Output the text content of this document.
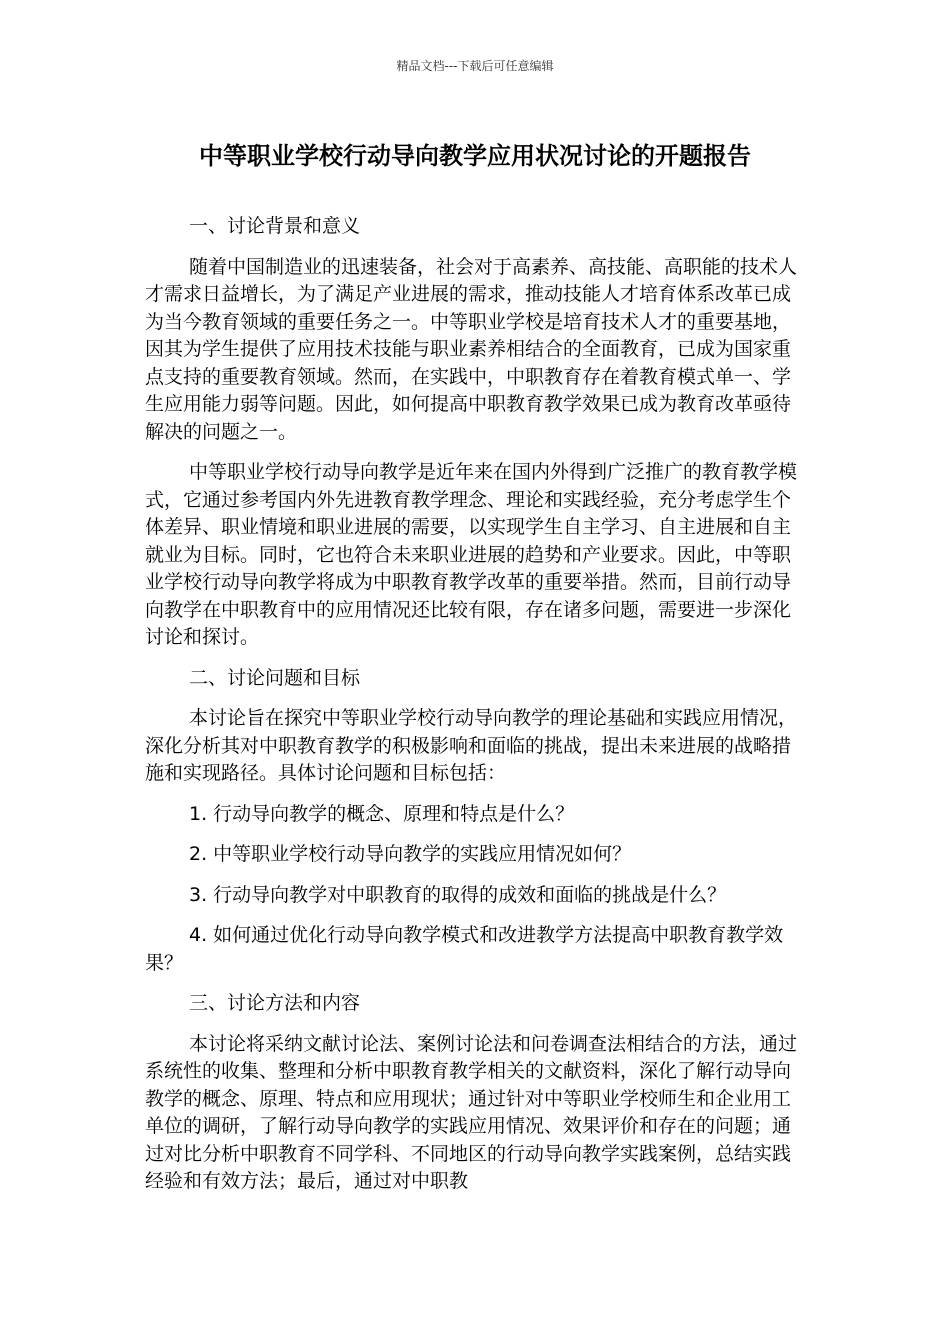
精品文档---下载后可任意编辑
中等职业学校行动导向教学应用状况讨论的开题报告

一、讨论背景和意义

随着中国制造业的迅速装备，社会对于高素养、高技能、高职能的技术人才需求日益增长，为了满足产业进展的需求，推动技能人才培育体系改革已成为当今教育领域的重要任务之一。中等职业学校是培育技术人才的重要基地，因其为学生提供了应用技术技能与职业素养相结合的全面教育，已成为国家重点支持的重要教育领域。然而，在实践中，中职教育存在着教育模式单一、学生应用能力弱等问题。因此，如何提高中职教育教学效果已成为教育改革亟待解决的问题之一。

中等职业学校行动导向教学是近年来在国内外得到广泛推广的教育教学模式，它通过参考国内外先进教育教学理念、理论和实践经验，充分考虑学生个体差异、职业情境和职业进展的需要，以实现学生自主学习、自主进展和自主就业为目标。同时，它也符合未来职业进展的趋势和产业要求。因此，中等职业学校行动导向教学将成为中职教育教学改革的重要举措。然而，目前行动导向教学在中职教育中的应用情况还比较有限，存在诸多问题，需要进一步深化讨论和探讨。

二、讨论问题和目标

本讨论旨在探究中等职业学校行动导向教学的理论基础和实践应用情况，深化分析其对中职教育教学的积极影响和面临的挑战，提出未来进展的战略措施和实现路径。具体讨论问题和目标包括：

1. 行动导向教学的概念、原理和特点是什么？

2. 中等职业学校行动导向教学的实践应用情况如何？

3. 行动导向教学对中职教育的取得的成效和面临的挑战是什么？

4. 如何通过优化行动导向教学模式和改进教学方法提高中职教育教学效果？

三、讨论方法和内容

本讨论将采纳文献讨论法、案例讨论法和问卷调查法相结合的方法，通过系统性的收集、整理和分析中职教育教学相关的文献资料，深化了解行动导向教学的概念、原理、特点和应用现状；通过针对中等职业学校师生和企业用工单位的调研，了解行动导向教学的实践应用情况、效果评价和存在的问题；通过对比分析中职教育不同学科、不同地区的行动导向教学实践案例，总结实践经验和有效方法；最后，通过对中职教
